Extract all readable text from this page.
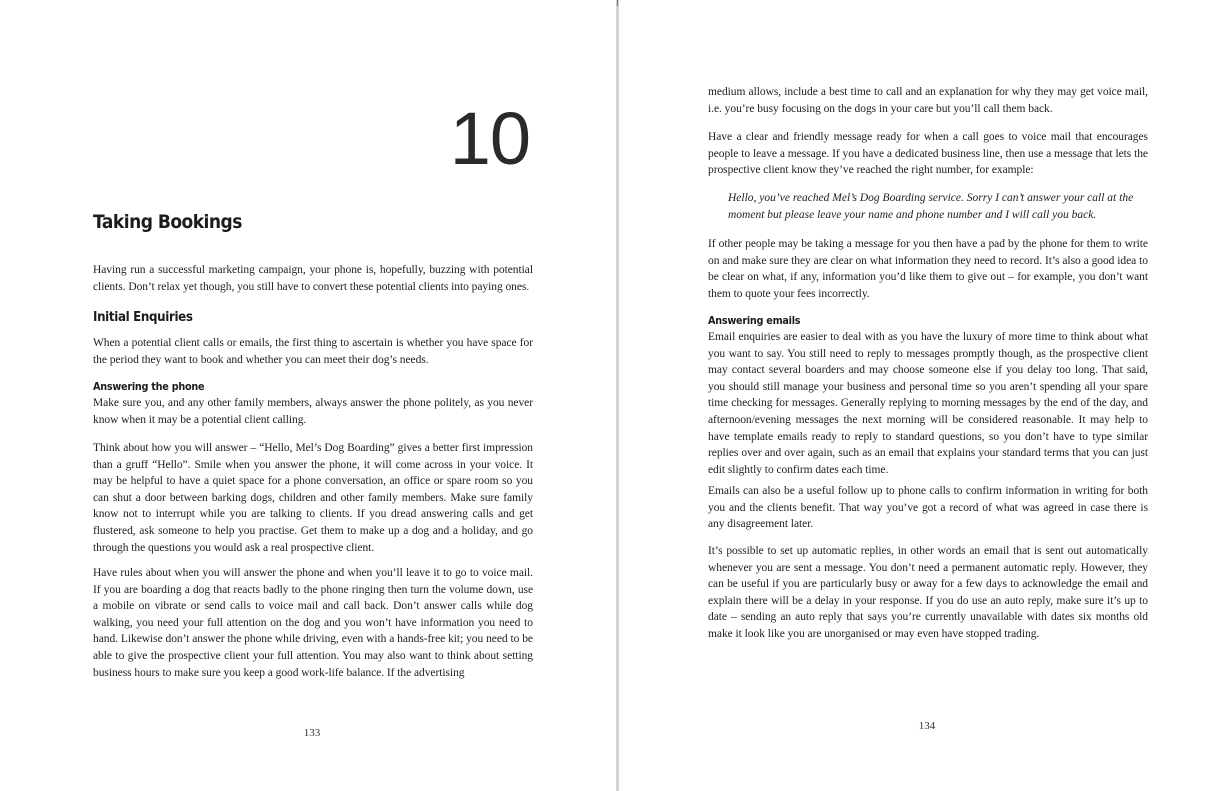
10
Taking Bookings

Having run a successful marketing campaign, your phone is, hopefully, buzzing with potential clients. Don’t relax yet though, you still have to convert these potential clients into paying ones.

Initial Enquiries

When a potential client calls or emails, the first thing to ascertain is whether you have space for the period they want to book and whether you can meet their dog’s needs.

Answering the phone

Make sure you, and any other family members, always answer the phone politely, as you never know when it may be a potential client calling.

Think about how you will answer – “Hello, Mel’s Dog Boarding” gives a better first impression than a gruff “Hello”. Smile when you answer the phone, it will come across in your voice. It may be helpful to have a quiet space for a phone conversation, an office or spare room so you can shut a door between barking dogs, children and other family members. Make sure family know not to interrupt while you are talking to clients. If you dread answering calls and get flustered, ask someone to help you practise. Get them to make up a dog and a holiday, and go through the questions you would ask a real prospective client.

Have rules about when you will answer the phone and when you’ll leave it to go to voice mail. If you are boarding a dog that reacts badly to the phone ringing then turn the volume down, use a mobile on vibrate or send calls to voice mail and call back. Don’t answer calls while dog walking, you need your full attention on the dog and you won’t have information you need to hand. Likewise don’t answer the phone while driving, even with a hands-free kit; you need to be able to give the prospective client your full attention. You may also want to think about setting business hours to make sure you keep a good work-life balance. If the advertising

133

medium allows, include a best time to call and an explanation for why they may get voice mail, i.e. you’re busy focusing on the dogs in your care but you’ll call them back.

Have a clear and friendly message ready for when a call goes to voice mail that encourages people to leave a message. If you have a dedicated business line, then use a message that lets the prospective client know they’ve reached the right number, for example:

Hello, you’ve reached Mel’s Dog Boarding service. Sorry I can’t answer your call at the moment but please leave your name and phone number and I will call you back.

If other people may be taking a message for you then have a pad by the phone for them to write on and make sure they are clear on what information they need to record. It’s also a good idea to be clear on what, if any, information you’d like them to give out – for example, you don’t want them to quote your fees incorrectly.

Answering emails

Email enquiries are easier to deal with as you have the luxury of more time to think about what you want to say. You still need to reply to messages promptly though, as the prospective client may contact several boarders and may choose someone else if you delay too long. That said, you should still manage your business and personal time so you aren’t spending all your spare time checking for messages. Generally replying to morning messages by the end of the day, and afternoon/evening messages the next morning will be considered reasonable. It may help to have template emails ready to reply to standard questions, so you don’t have to type similar replies over and over again, such as an email that explains your standard terms that you can just edit slightly to confirm dates each time.

Emails can also be a useful follow up to phone calls to confirm information in writing for both you and the clients benefit. That way you’ve got a record of what was agreed in case there is any disagreement later.

It’s possible to set up automatic replies, in other words an email that is sent out automatically whenever you are sent a message. You don’t need a permanent automatic reply. However, they can be useful if you are particularly busy or away for a few days to acknowledge the email and explain there will be a delay in your response. If you do use an auto reply, make sure it’s up to date – sending an auto reply that says you’re currently unavailable with dates six months old make it look like you are unorganised or may even have stopped trading.

134
